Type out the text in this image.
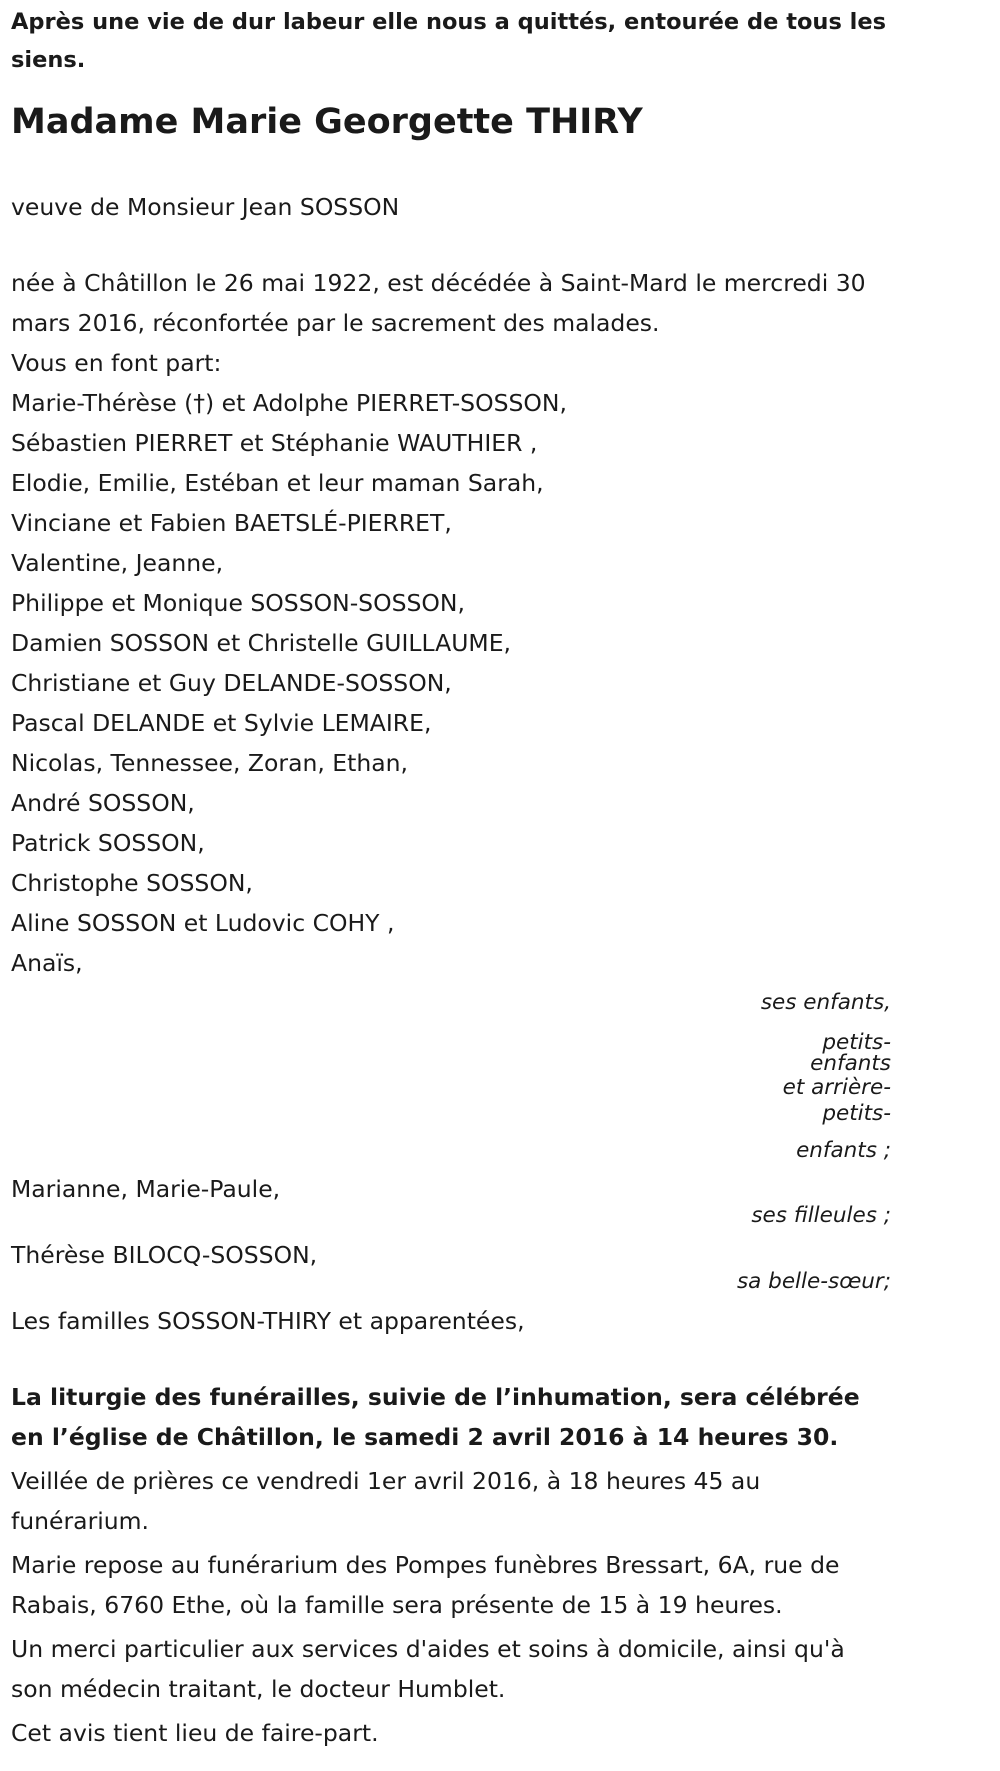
Après une vie de dur labeur elle nous a quittés, entourée de tous les siens.

Madame Marie Georgette THIRY

veuve de Monsieur Jean SOSSON

née à Châtillon le 26 mai 1922, est décédée à Saint-Mard le mercredi 30 mars 2016, réconfortée par le sacrement des malades.

Vous en font part:
Marie-Thérèse (†) et Adolphe PIERRET-SOSSON,
Sébastien PIERRET et Stéphanie WAUTHIER ,
Elodie, Emilie, Estéban et leur maman Sarah,
Vinciane et Fabien BAETSLÉ-PIERRET,
Valentine, Jeanne,
Philippe et Monique SOSSON-SOSSON,
Damien SOSSON et Christelle GUILLAUME,
Christiane et Guy DELANDE-SOSSON,
Pascal DELANDE et Sylvie LEMAIRE,
Nicolas, Tennessee, Zoran, Ethan,
André SOSSON,
Patrick SOSSON,
Christophe SOSSON,
Aline SOSSON et Ludovic COHY ,
Anaïs,
ses enfants, petits-
enfants
et arrière-petits-
enfants ;
Marianne, Marie-Paule,
ses filleules ;
Thérèse BILOCQ-SOSSON,
sa belle-sœur;
Les familles SOSSON-THIRY et apparentées,

La liturgie des funérailles, suivie de l’inhumation, sera célébrée en l’église de Châtillon, le samedi 2 avril 2016 à 14 heures 30.

Veillée de prières ce vendredi 1er avril 2016, à 18 heures 45 au funérarium.

Marie repose au funérarium des Pompes funèbres Bressart, 6A, rue de Rabais, 6760 Ethe, où la famille sera présente de 15 à 19 heures.

Un merci particulier aux services d'aides et soins à domicile, ainsi qu'à son médecin traitant, le docteur Humblet.

Cet avis tient lieu de faire-part.
